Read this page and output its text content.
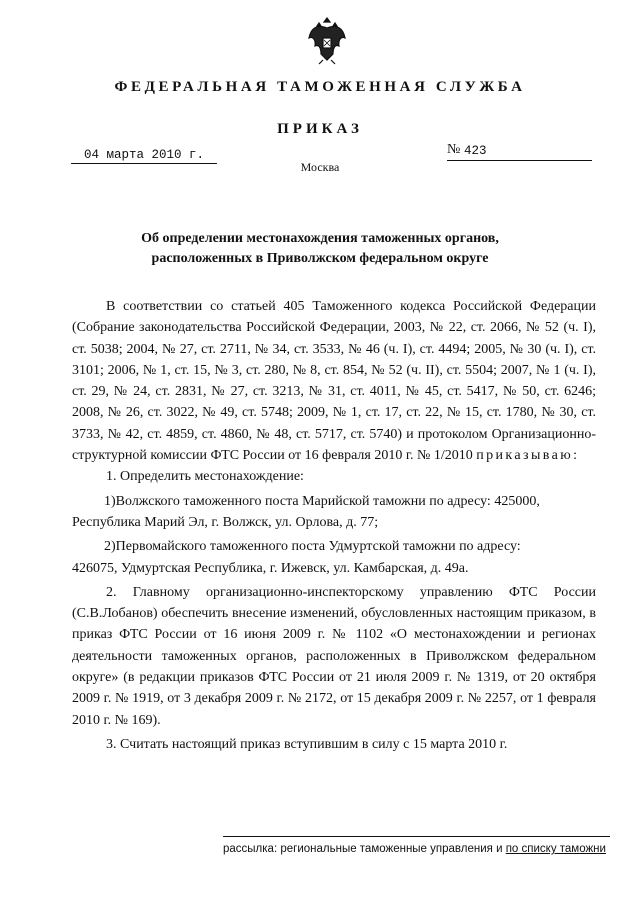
ФЕДЕРАЛЬНАЯ ТАМОЖЕННАЯ СЛУЖБА
ПРИКАЗ
04 марта 2010 г.	№ 423
Москва
Об определении местонахождения таможенных органов,
расположенных в Приволжском федеральном округе

В соответствии со статьей 405 Таможенного кодекса Российской Федерации (Собрание законодательства Российской Федерации, 2003, № 22, ст. 2066, № 52 (ч. I), ст. 5038; 2004, № 27, ст. 2711, № 34, ст. 3533, № 46 (ч. I), ст. 4494; 2005, № 30 (ч. I), ст. 3101; 2006, № 1, ст. 15, № 3, ст. 280, № 8, ст. 854, № 52 (ч. II), ст. 5504; 2007, № 1 (ч. I), ст. 29, № 24, ст. 2831, № 27, ст. 3213, № 31, ст. 4011, № 45, ст. 5417, № 50, ст. 6246; 2008, № 26, ст. 3022, № 49, ст. 5748; 2009, № 1, ст. 17, ст. 22, № 15, ст. 1780, № 30, ст. 3733, № 42, ст. 4859, ст. 4860, № 48, ст. 5717, ст. 5740) и протоколом Организационно-структурной комиссии ФТС России от 16 февраля 2010 г. № 1/2010 приказываю:

1. Определить местонахождение:

1) Волжского таможенного поста Марийской таможни по адресу: 425000,

Республика Марий Эл, г. Волжск, ул. Орлова, д. 77;

2) Первомайского таможенного поста Удмуртской таможни по адресу:

426075, Удмуртская Республика, г. Ижевск, ул. Камбарская, д. 49а.

2. Главному организационно-инспекторскому управлению ФТС России (С.В.Лобанов) обеспечить внесение изменений, обусловленных настоящим приказом, в приказ ФТС России от 16 июня 2009 г. № 1102 «О местонахождении и регионах деятельности таможенных органов, расположенных в Приволжском федеральном округе» (в редакции приказов ФТС России от 21 июля 2009 г. № 1319, от 20 октября 2009 г. № 1919, от 3 декабря 2009 г. № 2172, от 15 декабря 2009 г. № 2257, от 1 февраля 2010 г. № 169).

3. Считать настоящий приказ вступившим в силу с 15 марта 2010 г.

рассылка: региональные таможенные управления и по списку таможни
